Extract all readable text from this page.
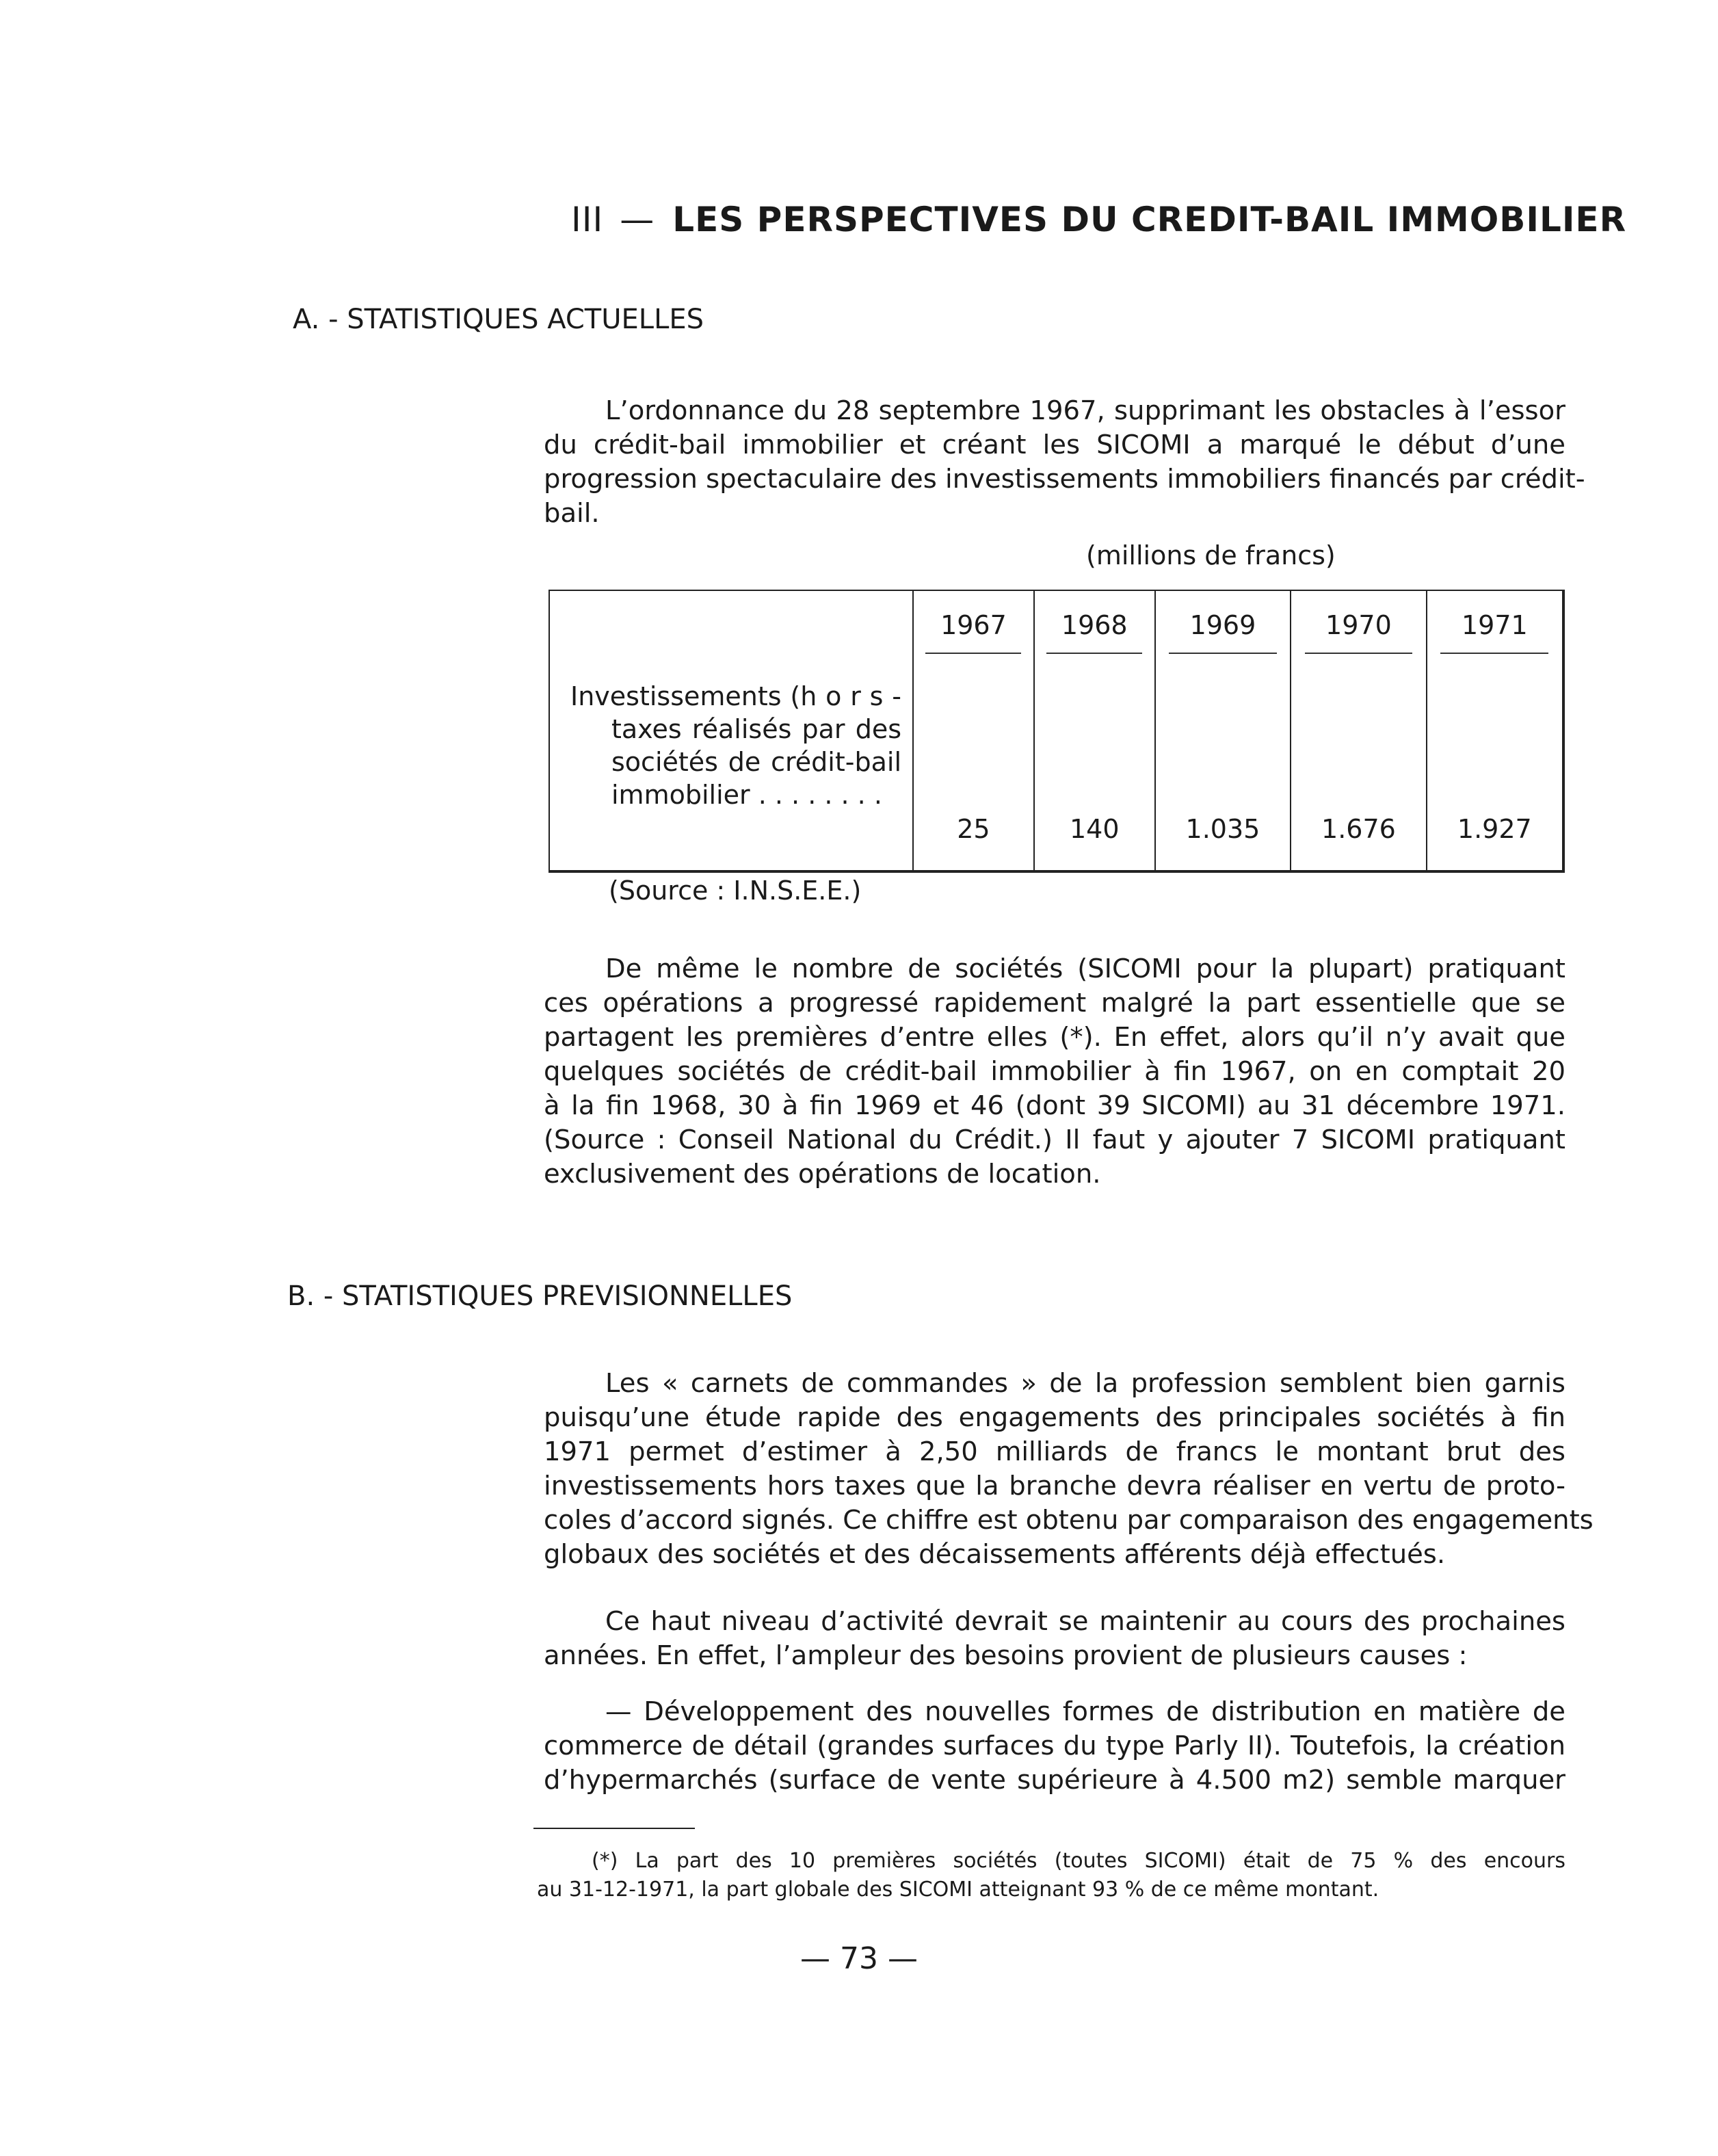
III — LES PERSPECTIVES DU CREDIT-BAIL IMMOBILIER
A. - STATISTIQUES ACTUELLES
L’ordonnance du 28 septembre 1967, supprimant les obstacles à l’essor
du crédit-bail immobilier et créant les SICOMI a marqué le début d’une
progression spectaculaire des investissements immobiliers financés par crédit-
bail.
(millions de francs)
	1967	1968	1969	1970	1971

Investissements (h o r s -
taxes réalisés par des
sociétés de crédit-bail
immobilier . . . . . . . .	25	140	1.035	1.676	1.927
(Source : I.N.S.E.E.)
De même le nombre de sociétés (SICOMI pour la plupart) pratiquant
ces opérations a progressé rapidement malgré la part essentielle que se
partagent les premières d’entre elles (*). En effet, alors qu’il n’y avait que
quelques sociétés de crédit-bail immobilier à fin 1967, on en comptait 20
à la fin 1968, 30 à fin 1969 et 46 (dont 39 SICOMI) au 31 décembre 1971.
(Source : Conseil National du Crédit.) Il faut y ajouter 7 SICOMI pratiquant
exclusivement des opérations de location.
B. - STATISTIQUES PREVISIONNELLES
Les « carnets de commandes » de la profession semblent bien garnis
puisqu’une étude rapide des engagements des principales sociétés à fin
1971 permet d’estimer à 2,50 milliards de francs le montant brut des
investissements hors taxes que la branche devra réaliser en vertu de proto-
coles d’accord signés. Ce chiffre est obtenu par comparaison des engagements
globaux des sociétés et des décaissements afférents déjà effectués.
Ce haut niveau d’activité devrait se maintenir au cours des prochaines
années. En effet, l’ampleur des besoins provient de plusieurs causes :
— Développement des nouvelles formes de distribution en matière de
commerce de détail (grandes surfaces du type Parly II). Toutefois, la création
d’hypermarchés (surface de vente supérieure à 4.500 m2) semble marquer
(*) La part des 10 premières sociétés (toutes SICOMI) était de 75 % des encours
au 31-12-1971, la part globale des SICOMI atteignant 93 % de ce même montant.
— 73 —
